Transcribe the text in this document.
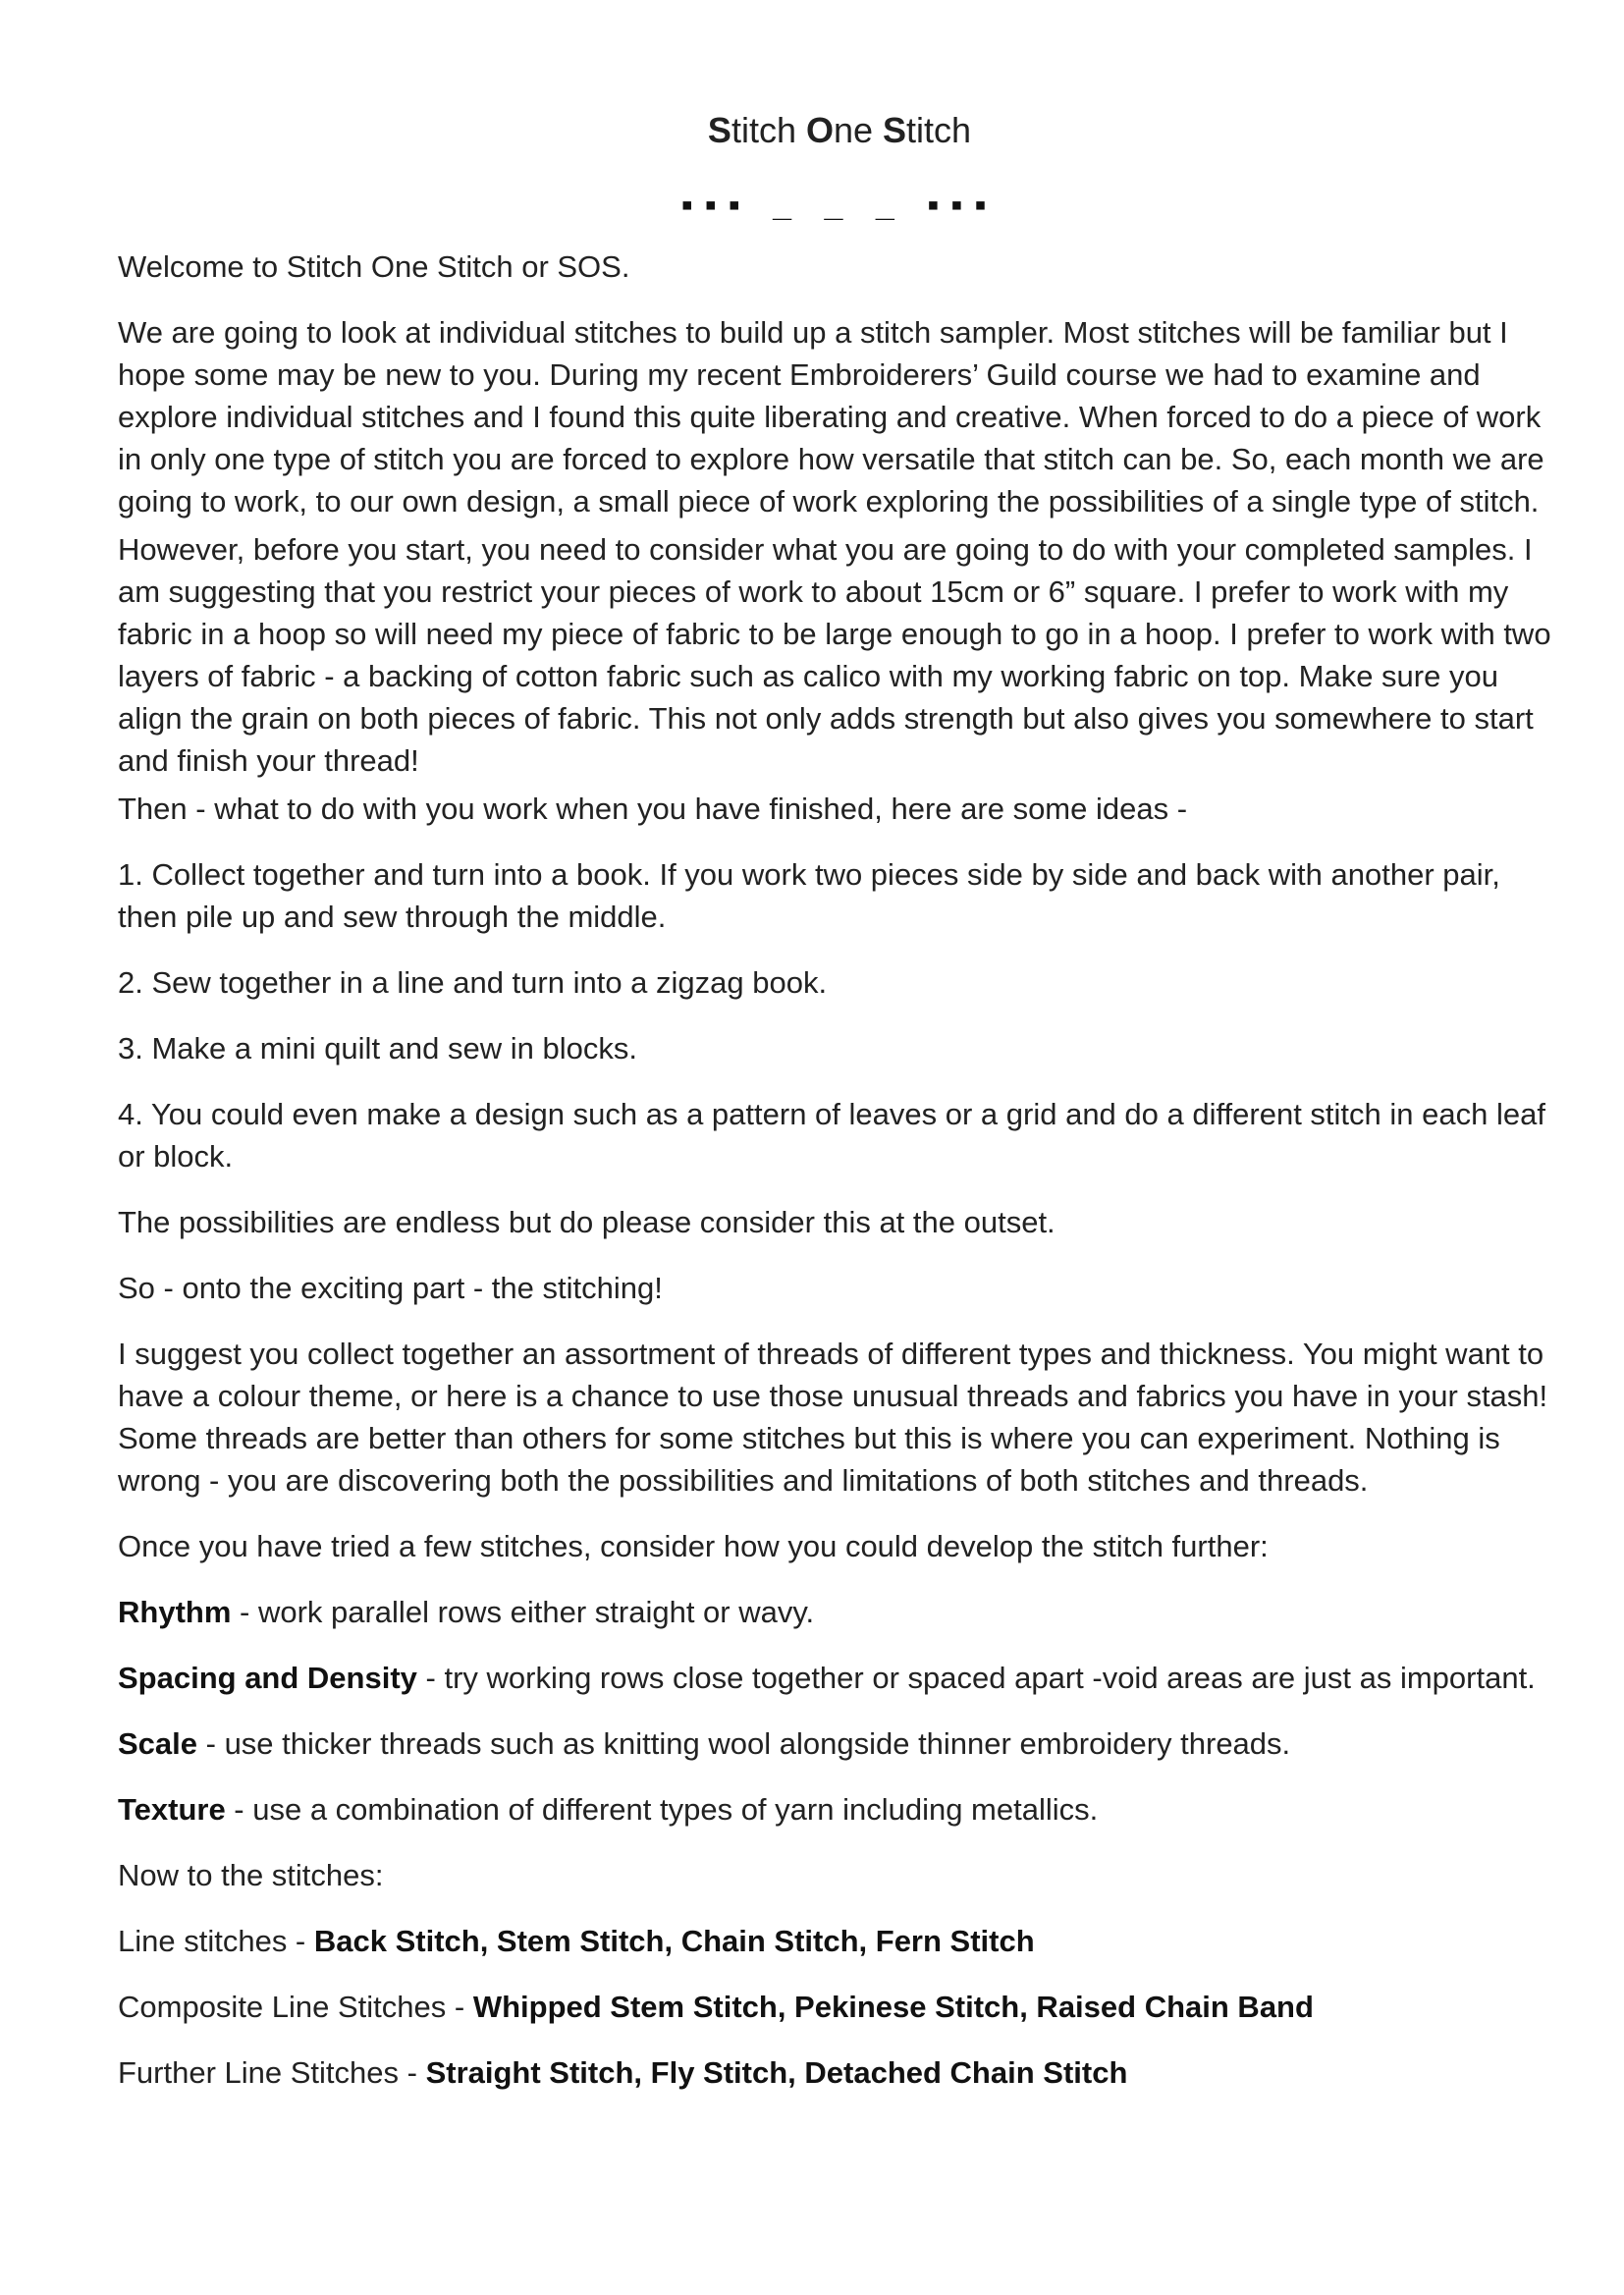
Stitch One Stitch
▪▪▪ _ _ _ ▪▪▪

Welcome to Stitch One Stitch or SOS.

We are going to look at individual stitches to build up a stitch sampler. Most stitches will be familiar but I hope some may be new to you. During my recent Embroiderers’ Guild course we had to examine and explore individual stitches and I found this quite liberating and creative. When forced to do a piece of work in only one type of stitch you are forced to explore how versatile that stitch can be. So, each month we are going to work, to our own design, a small piece of work exploring the possibilities of a single type of stitch.

However, before you start, you need to consider what you are going to do with your completed samples. I am suggesting that you restrict your pieces of work to about 15cm or 6” square. I prefer to work with my fabric in a hoop so will need my piece of fabric to be large enough to go in a hoop. I prefer to work with two layers of fabric - a backing of cotton fabric such as calico with my working fabric on top. Make sure you align the grain on both pieces of fabric. This not only adds strength but also gives you somewhere to start and finish your thread!

Then - what to do with you work when you have finished, here are some ideas -

1. Collect together and turn into a book. If you work two pieces side by side and back with another pair, then pile up and sew through the middle.

2. Sew together in a line and turn into a zigzag book.

3. Make a mini quilt and sew in blocks.

4. You could even make a design such as a pattern of leaves or a grid and do a different stitch in each leaf or block.

The possibilities are endless but do please consider this at the outset.

So - onto the exciting part - the stitching!

I suggest you collect together an assortment of threads of different types and thickness. You might want to have a colour theme, or here is a chance to use those unusual threads and fabrics you have in your stash! Some threads are better than others for some stitches but this is where you can experiment. Nothing is wrong - you are discovering both the possibilities and limitations of both stitches and threads.

Once you have tried a few stitches, consider how you could develop the stitch further:

Rhythm - work parallel rows either straight or wavy.

Spacing and Density - try working rows close together or spaced apart -void areas are just as important.

Scale - use thicker threads such as knitting wool alongside thinner embroidery threads.

Texture - use a combination of different types of yarn including metallics.

Now to the stitches:

Line stitches - Back Stitch, Stem Stitch, Chain Stitch, Fern Stitch

Composite Line Stitches - Whipped Stem Stitch, Pekinese Stitch, Raised Chain Band

Further Line Stitches - Straight Stitch, Fly Stitch, Detached Chain Stitch
